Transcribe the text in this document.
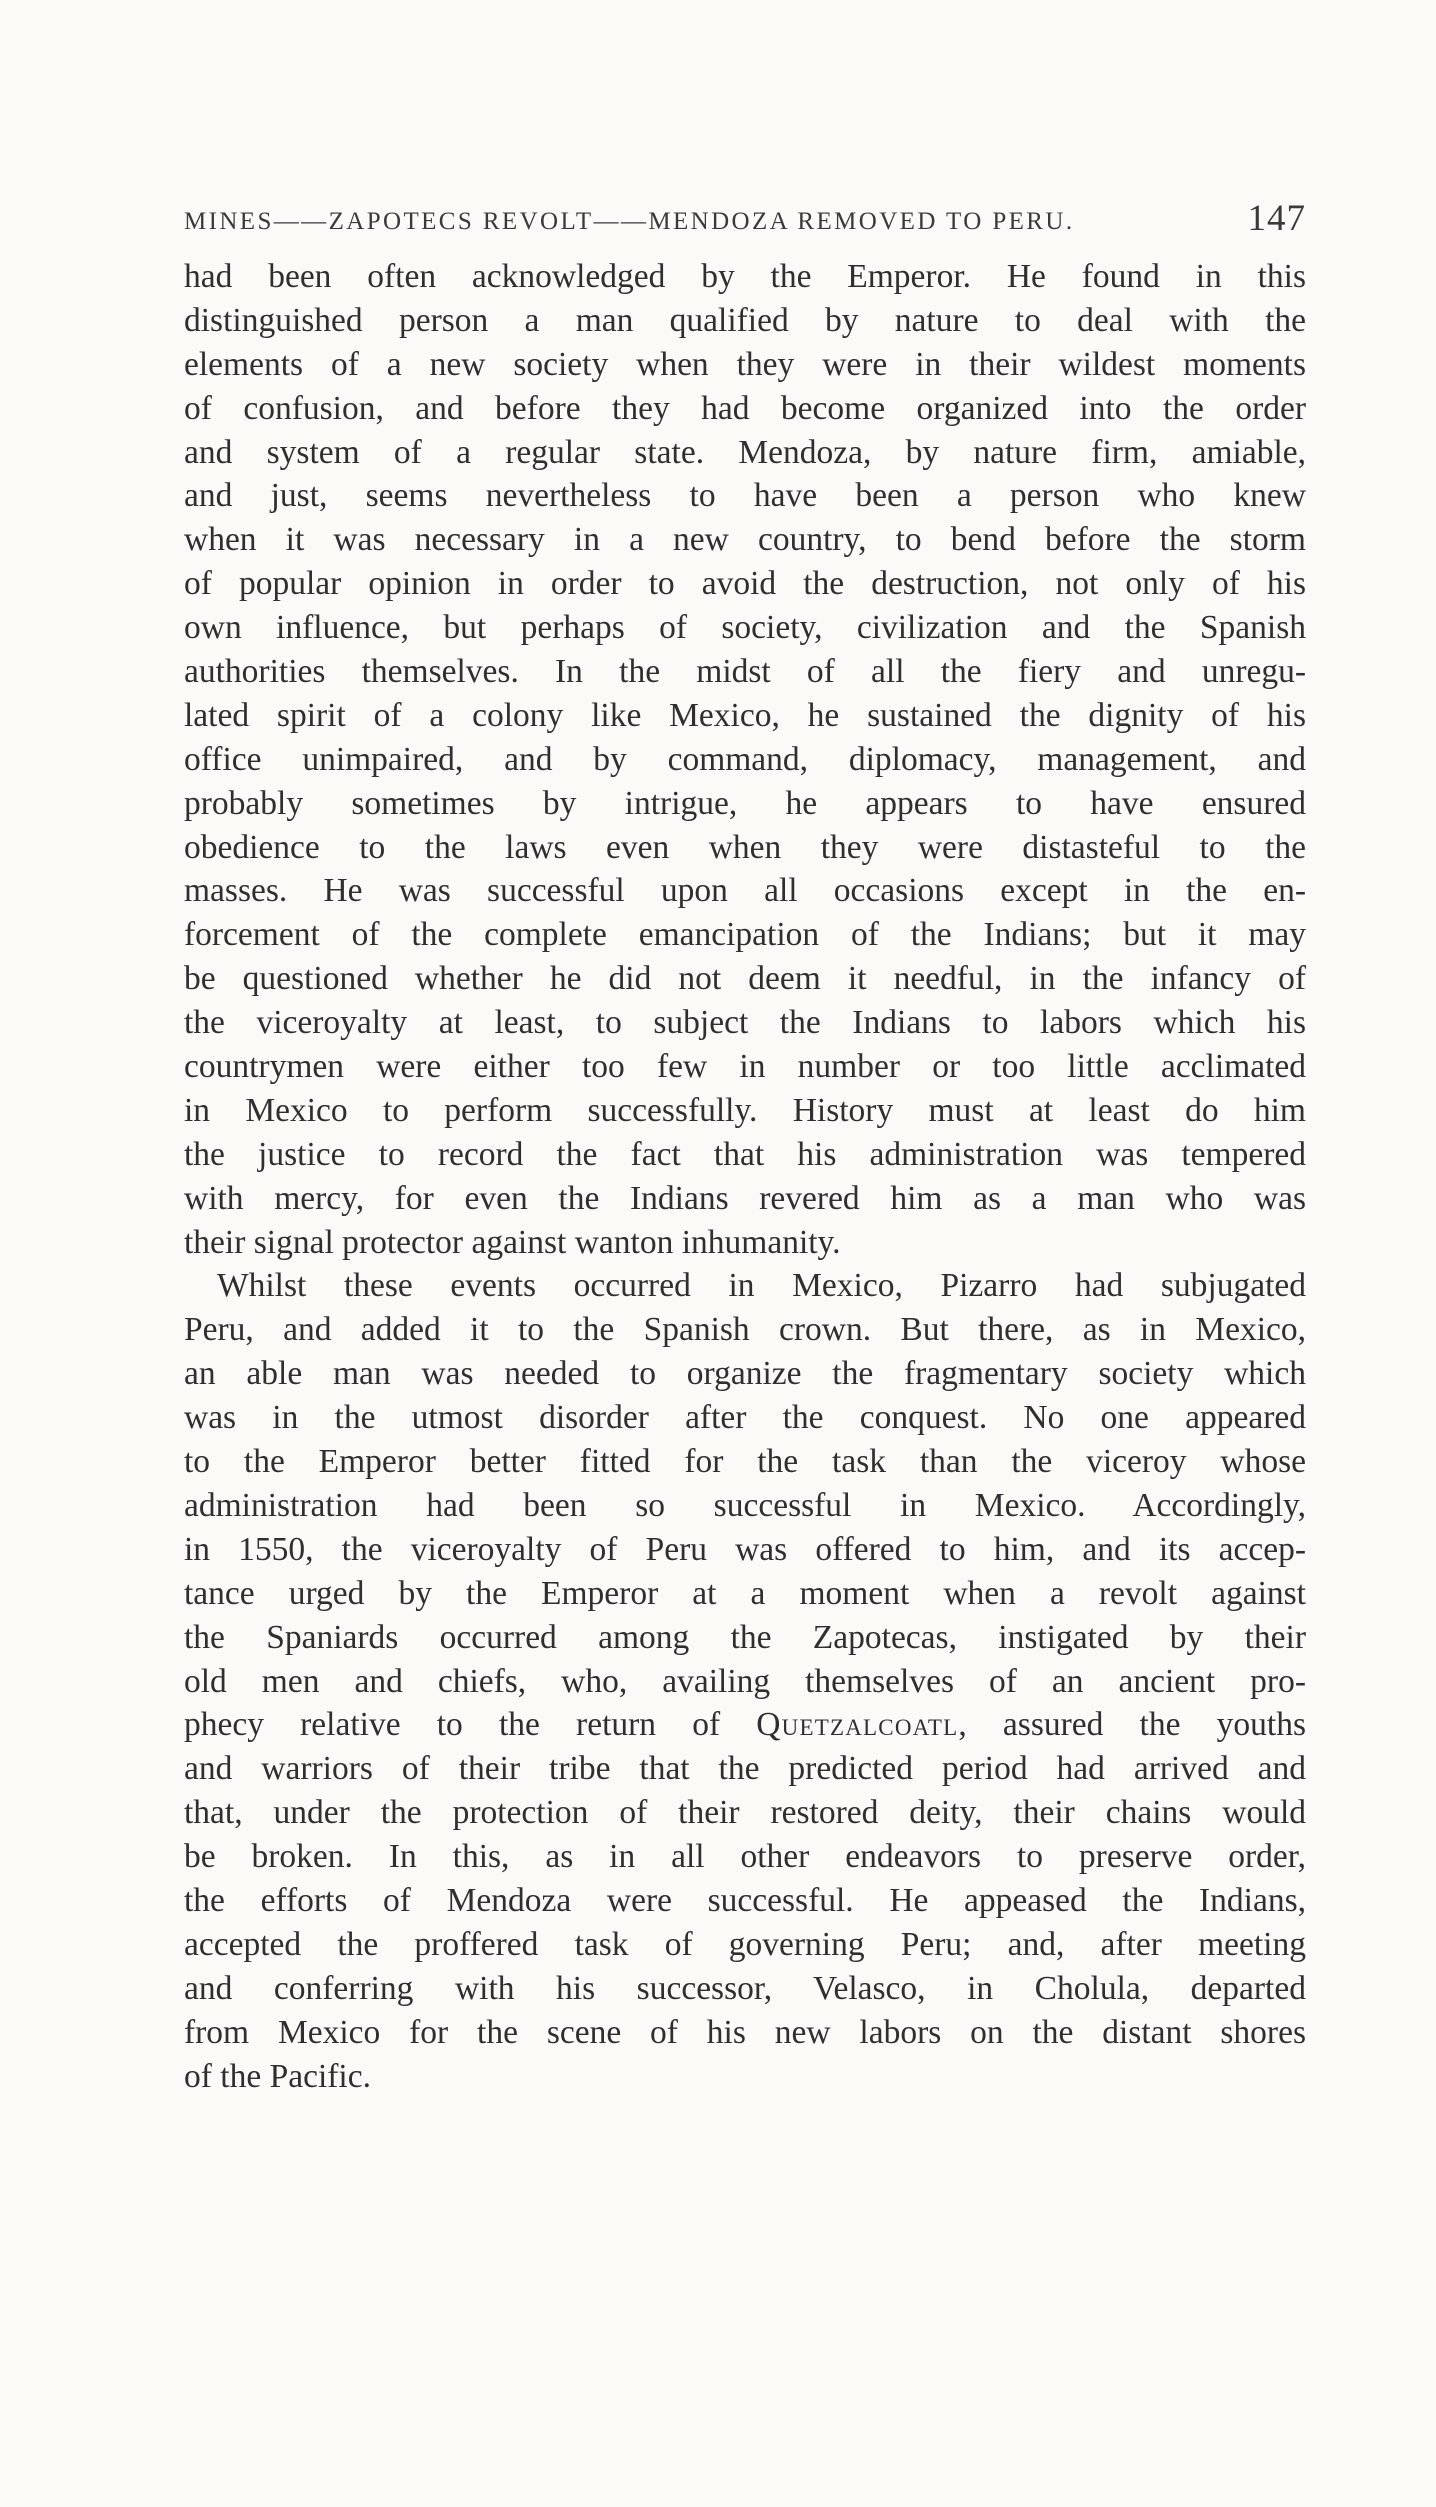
MINES——ZAPOTECS REVOLT——MENDOZA REMOVED TO PERU.	147
had been often acknowledged by the Emperor. He found in this
distinguished person a man qualified by nature to deal with the
elements of a new society when they were in their wildest moments
of confusion, and before they had become organized into the order
and system of a regular state. Mendoza, by nature firm, amiable,
and just, seems nevertheless to have been a person who knew
when it was necessary in a new country, to bend before the storm
of popular opinion in order to avoid the destruction, not only of his
own influence, but perhaps of society, civilization and the Spanish
authorities themselves. In the midst of all the fiery and unregu-
lated spirit of a colony like Mexico, he sustained the dignity of his
office unimpaired, and by command, diplomacy, management, and
probably sometimes by intrigue, he appears to have ensured
obedience to the laws even when they were distasteful to the
masses. He was successful upon all occasions except in the en-
forcement of the complete emancipation of the Indians; but it may
be questioned whether he did not deem it needful, in the infancy of
the viceroyalty at least, to subject the Indians to labors which his
countrymen were either too few in number or too little acclimated
in Mexico to perform successfully. History must at least do him
the justice to record the fact that his administration was tempered
with mercy, for even the Indians revered him as a man who was
their signal protector against wanton inhumanity.
Whilst these events occurred in Mexico, Pizarro had subjugated
Peru, and added it to the Spanish crown. But there, as in Mexico,
an able man was needed to organize the fragmentary society which
was in the utmost disorder after the conquest. No one appeared
to the Emperor better fitted for the task than the viceroy whose
administration had been so successful in Mexico. Accordingly,
in 1550, the viceroyalty of Peru was offered to him, and its accep-
tance urged by the Emperor at a moment when a revolt against
the Spaniards occurred among the Zapotecas, instigated by their
old men and chiefs, who, availing themselves of an ancient pro-
phecy relative to the return of Quetzalcoatl, assured the youths
and warriors of their tribe that the predicted period had arrived and
that, under the protection of their restored deity, their chains would
be broken. In this, as in all other endeavors to preserve order,
the efforts of Mendoza were successful. He appeased the Indians,
accepted the proffered task of governing Peru; and, after meeting
and conferring with his successor, Velasco, in Cholula, departed
from Mexico for the scene of his new labors on the distant shores
of the Pacific.
